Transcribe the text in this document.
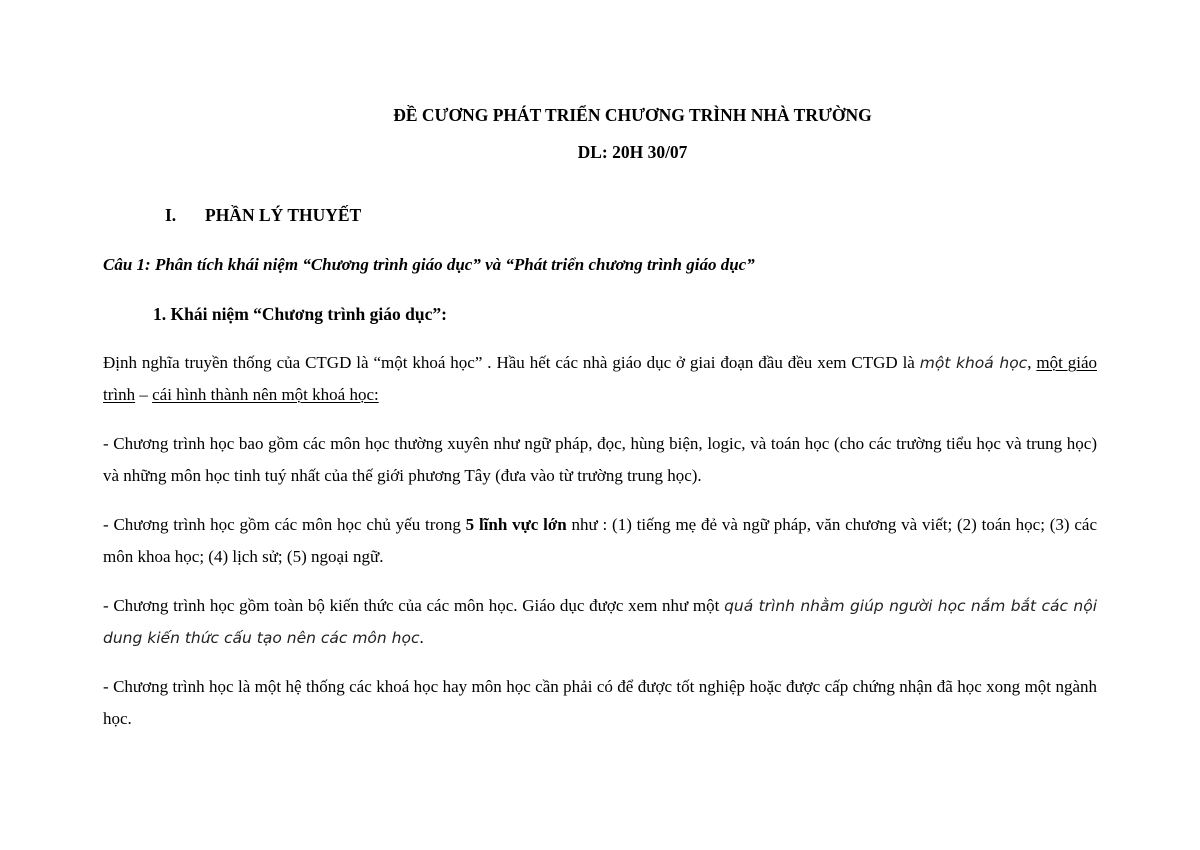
ĐỀ CƯƠNG PHÁT TRIỂN CHƯƠNG TRÌNH NHÀ TRƯỜNG
DL: 20H 30/07
I. PHẦN LÝ THUYẾT
Câu 1: Phân tích khái niệm “Chương trình giáo dục” và “Phát triển chương trình giáo dục”
1. Khái niệm “Chương trình giáo dục”:

Định nghĩa truyền thống của CTGD là “một khoá học” . Hầu hết các nhà giáo dục ở giai đoạn đầu đều xem CTGD là một khoá học, một giáo trình – cái hình thành nên một khoá học:

- Chương trình học bao gồm các môn học thường xuyên như ngữ pháp, đọc, hùng biện, logic, và toán học (cho các trường tiểu học và trung học) và những môn học tinh tuý nhất của thế giới phương Tây (đưa vào từ trường trung học).

- Chương trình học gồm các môn học chủ yếu trong 5 lĩnh vực lớn như : (1) tiếng mẹ đẻ và ngữ pháp, văn chương và viết; (2) toán học; (3) các môn khoa học; (4) lịch sử; (5) ngoại ngữ.

- Chương trình học gồm toàn bộ kiến thức của các môn học. Giáo dục được xem như một quá trình nhằm giúp người học nắm bắt các nội dung kiến thức cấu tạo nên các môn học.

- Chương trình học là một hệ thống các khoá học hay môn học cần phải có để được tốt nghiệp hoặc được cấp chứng nhận đã học xong một ngành học.
